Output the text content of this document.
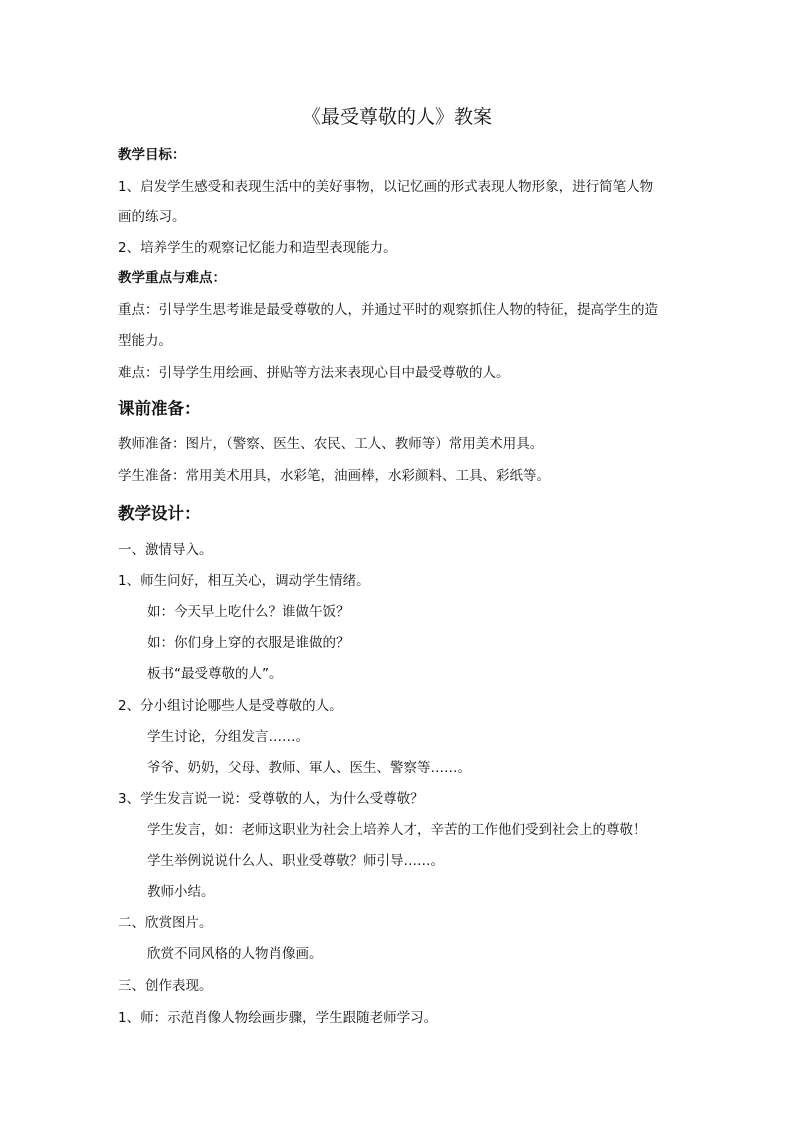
《最受尊敬的人》教案

教学目标：

1、启发学生感受和表现生活中的美好事物，以记忆画的形式表现人物形象，进行简笔人物

画的练习。

2、培养学生的观察记忆能力和造型表现能力。

教学重点与难点：

重点：引导学生思考谁是最受尊敬的人，并通过平时的观察抓住人物的特征，提高学生的造

型能力。

难点：引导学生用绘画、拼贴等方法来表现心目中最受尊敬的人。

课前准备：

教师准备：图片，（警察、医生、农民、工人、教师等）常用美术用具。

学生准备：常用美术用具，水彩笔，油画棒，水彩颜料、工具、彩纸等。

教学设计：

一、激情导入。

1、师生问好，相互关心，调动学生情绪。

如：今天早上吃什么？谁做午饭？

如：你们身上穿的衣服是谁做的？

板书“最受尊敬的人”。

2、分小组讨论哪些人是受尊敬的人。

学生讨论，分组发言……。

爷爷、奶奶，父母、教师、軍人、医生、警察等……。

3、学生发言说一说：受尊敬的人，为什么受尊敬？

学生发言，如：老师这职业为社会上培养人才，辛苦的工作他们受到社会上的尊敬！

学生举例说说什么人、职业受尊敬？师引导……。

教师小结。

二、欣赏图片。

欣赏不同风格的人物肖像画。

三、创作表现。

1、师：示范肖像人物绘画步骤，学生跟随老师学习。
